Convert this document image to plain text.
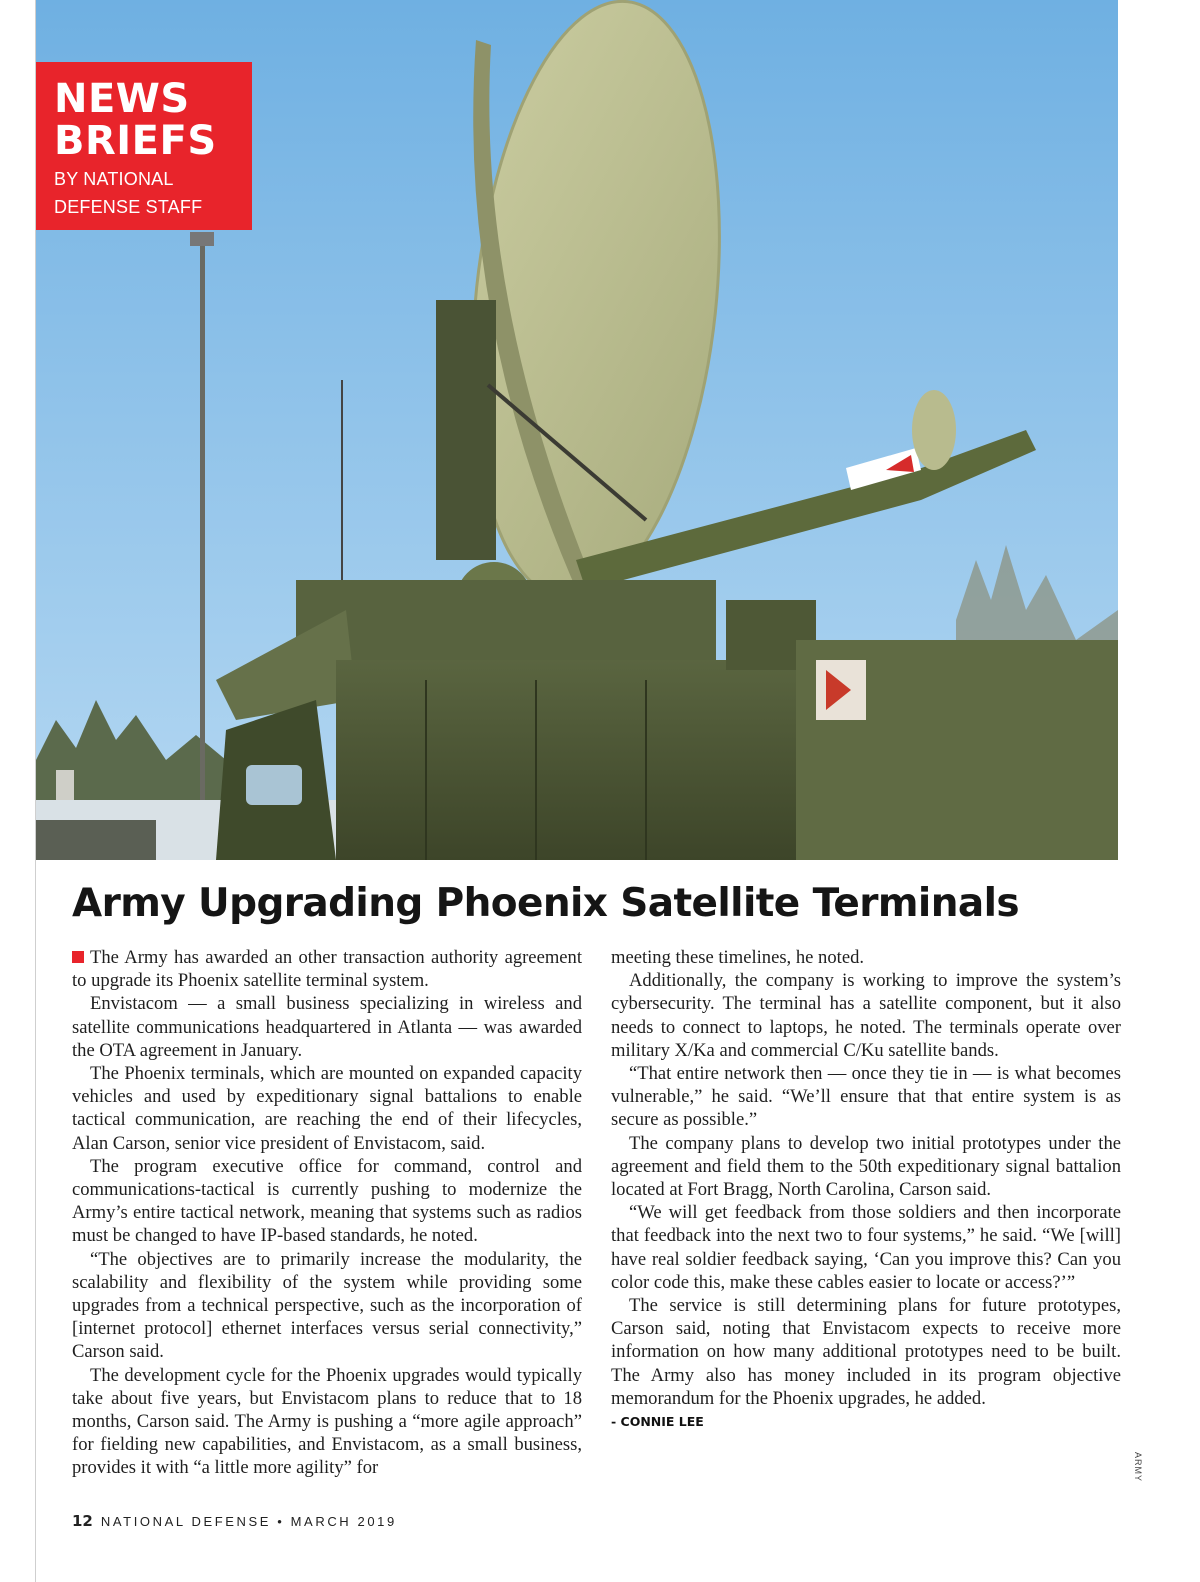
NEWS
BRIEFS
BY NATIONAL
DEFENSE STAFF
Army Upgrading Phoenix Satellite Terminals

The Army has awarded an other transaction authority agreement to upgrade its Phoenix satellite terminal system.

Envistacom — a small business specializing in wireless and satellite communications headquartered in Atlanta — was awarded the OTA agreement in January.

The Phoenix terminals, which are mounted on expanded capacity vehicles and used by expeditionary signal battalions to enable tactical communication, are reaching the end of their lifecycles, Alan Carson, senior vice president of Envistacom, said.

The program executive office for command, control and communications-tactical is currently pushing to modernize the Army’s entire tactical network, meaning that systems such as radios must be changed to have IP-based standards, he noted.

“The objectives are to primarily increase the modularity, the scalability and flexibility of the system while providing some upgrades from a technical perspective, such as the incorporation of [internet protocol] ethernet interfaces versus serial connectivity,” Carson said.

The development cycle for the Phoenix upgrades would typically take about five years, but Envistacom plans to reduce that to 18 months, Carson said. The Army is pushing a “more agile approach” for fielding new capabilities, and Envistacom, as a small business, provides it with “a little more agility” for

meeting these timelines, he noted.

Additionally, the company is working to improve the system’s cybersecurity. The terminal has a satellite component, but it also needs to connect to laptops, he noted. The terminals operate over military X/Ka and commercial C/Ku satellite bands.

“That entire network then — once they tie in — is what becomes vulnerable,” he said. “We’ll ensure that that entire system is as secure as possible.”

The company plans to develop two initial prototypes under the agreement and field them to the 50th expeditionary signal battalion located at Fort Bragg, North Carolina, Carson said.

“We will get feedback from those soldiers and then incorporate that feedback into the next two to four systems,” he said. “We [will] have real soldier feedback saying, ‘Can you improve this? Can you color code this, make these cables easier to locate or access?’”

The service is still determining plans for future prototypes, Carson said, noting that Envistacom expects to receive more information on how many additional prototypes need to be built. The Army also has money included in its program objective memorandum for the Phoenix upgrades, he added.

- CONNIE LEE
ARMY
12 NATIONAL DEFENSE • MARCH 2019
